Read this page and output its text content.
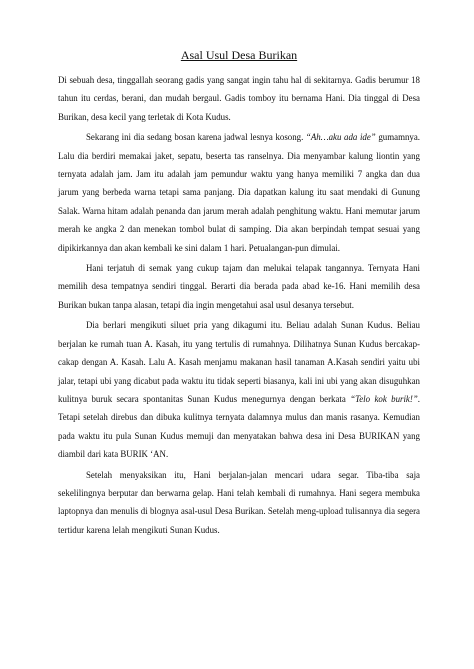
Asal Usul Desa Burikan

Di sebuah desa, tinggallah seorang gadis yang sangat ingin tahu hal di sekitarnya. Gadis berumur 18 tahun itu cerdas, berani, dan mudah bergaul. Gadis tomboy itu bernama Hani. Dia tinggal di Desa Burikan, desa kecil yang terletak di Kota Kudus.

Sekarang ini dia sedang bosan karena jadwal lesnya kosong. “Ah…aku ada ide” gumamnya. Lalu dia berdiri memakai jaket, sepatu, beserta tas ranselnya. Dia menyambar kalung liontin yang ternyata adalah jam. Jam itu adalah jam pemundur waktu yang hanya memiliki 7 angka dan dua jarum yang berbeda warna tetapi sama panjang. Dia dapatkan kalung itu saat mendaki di Gunung Salak. Warna hitam adalah penanda dan jarum merah adalah penghitung waktu. Hani memutar jarum merah ke angka 2 dan menekan tombol bulat di samping. Dia akan berpindah tempat sesuai yang dipikirkannya dan akan kembali ke sini dalam 1 hari. Petualangan-pun dimulai.

Hani terjatuh di semak yang cukup tajam dan melukai telapak tangannya. Ternyata Hani memilih desa tempatnya sendiri tinggal. Berarti dia berada pada abad ke-16. Hani memilih desa Burikan bukan tanpa alasan, tetapi dia ingin mengetahui asal usul desanya tersebut.

Dia berlari mengikuti siluet pria yang dikagumi itu. Beliau adalah Sunan Kudus. Beliau berjalan ke rumah tuan A. Kasah, itu yang tertulis di rumahnya. Dilihatnya Sunan Kudus bercakap-cakap dengan A. Kasah. Lalu A. Kasah menjamu makanan hasil tanaman A.Kasah sendiri yaitu ubi jalar, tetapi ubi yang dicabut pada waktu itu tidak seperti biasanya, kali ini ubi yang akan disuguhkan kulitnya buruk secara spontanitas Sunan Kudus menegurnya dengan berkata “Telo kok burik!”. Tetapi setelah direbus dan dibuka kulitnya ternyata dalamnya mulus dan manis rasanya. Kemudian pada waktu itu pula Sunan Kudus memuji dan menyatakan bahwa desa ini Desa BURIKAN yang diambil dari kata BURIK ‘AN.

Setelah menyaksikan itu, Hani berjalan-jalan mencari udara segar. Tiba-tiba saja sekelilingnya berputar dan berwarna gelap. Hani telah kembali di rumahnya. Hani segera membuka laptopnya dan menulis di blognya asal-usul Desa Burikan. Setelah meng-upload tulisannya dia segera tertidur karena lelah mengikuti Sunan Kudus.
